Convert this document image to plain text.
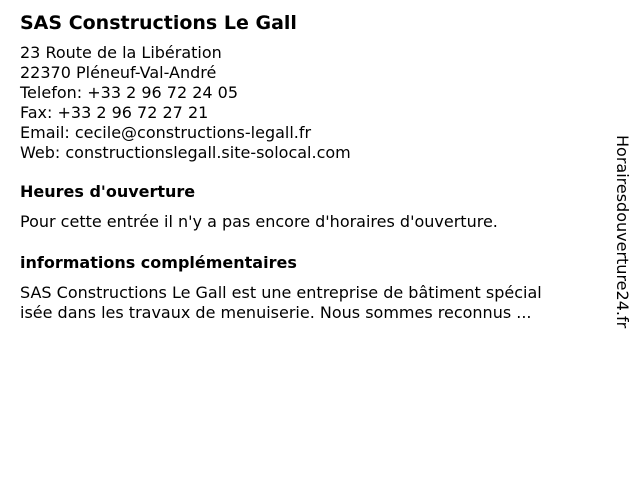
SAS Constructions Le Gall
23 Route de la Libération
22370 Pléneuf-Val-André
Telefon: +33 2 96 72 24 05
Fax: +33 2 96 72 27 21
Email: cecile@constructions-legall.fr
Web: constructionslegall.site-solocal.com
Heures d'ouverture
Pour cette entrée il n'y a pas encore d'horaires d'ouverture.
informations complémentaires
SAS Constructions Le Gall est une entreprise de bâtiment spécial
isée dans les travaux de menuiserie. Nous sommes reconnus ...	Horairesdouverture24.fr
